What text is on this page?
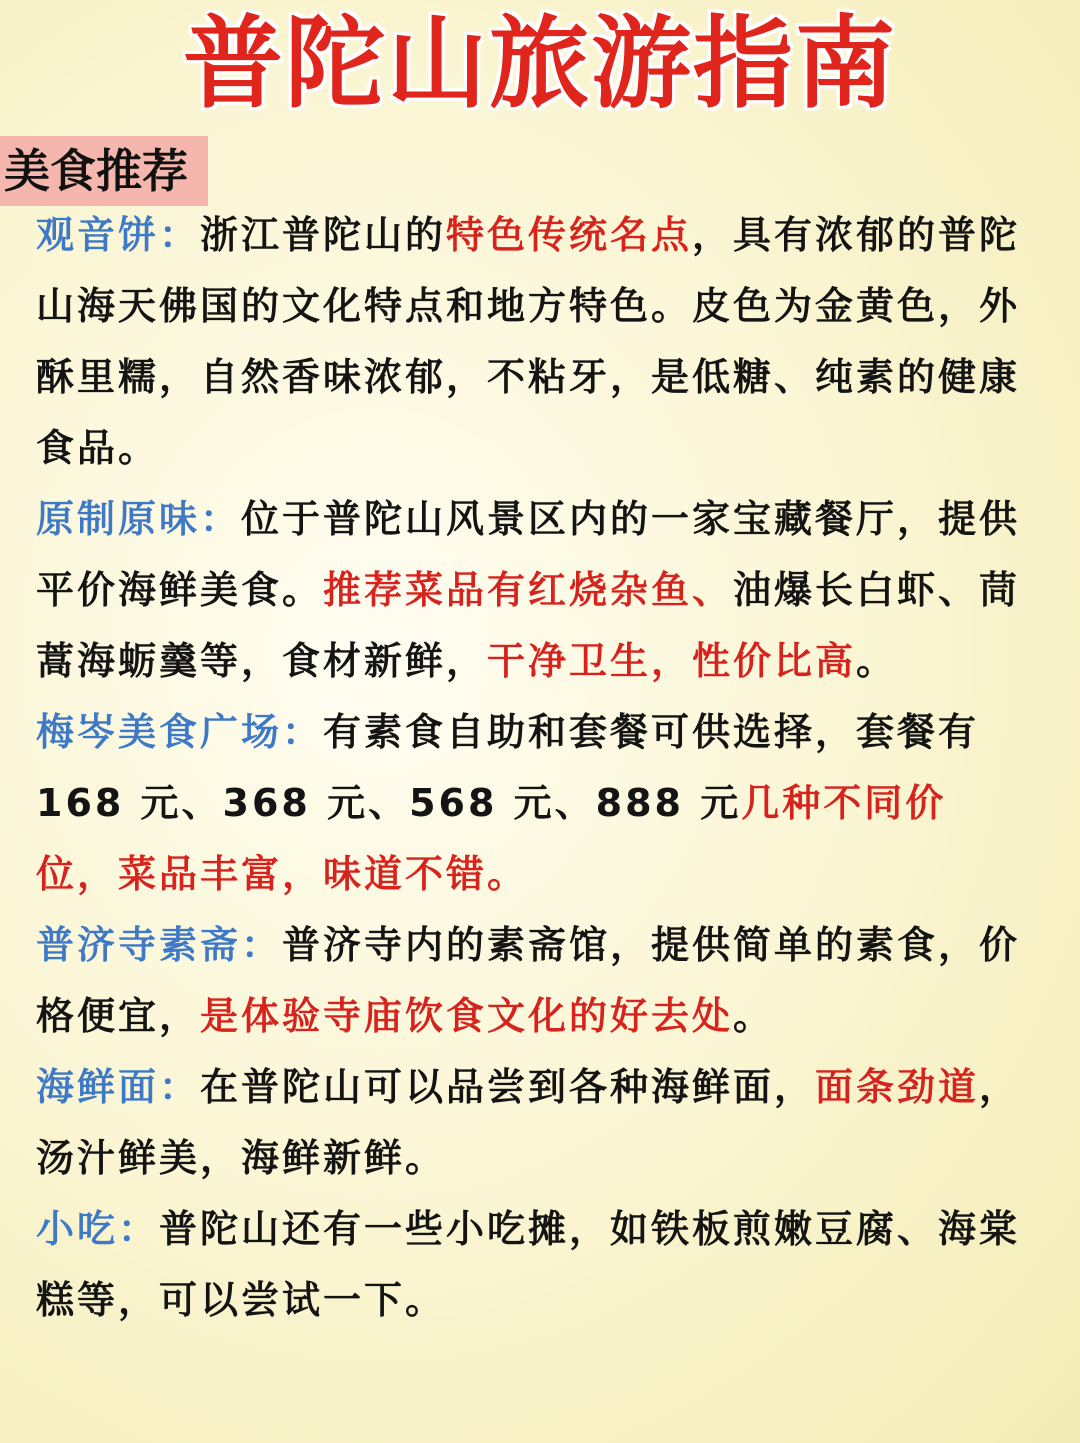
普陀山旅游指南
美食推荐

观音饼：浙江普陀山的特色传统名点，具有浓郁的普陀山海天佛国的文化特点和地方特色。皮色为金黄色，外酥里糯，自然香味浓郁，不粘牙，是低糖、纯素的健康食品。

原制原味：位于普陀山风景区内的一家宝藏餐厅，提供平价海鲜美食。推荐菜品有红烧杂鱼、油爆长白虾、茼蒿海蛎羹等，食材新鲜，干净卫生，性价比高。

梅岑美食广场：有素食自助和套餐可供选择，套餐有 168 元、368 元、568 元、888 元几种不同价位，菜品丰富，味道不错。

普济寺素斋：普济寺内的素斋馆，提供简单的素食，价格便宜，是体验寺庙饮食文化的好去处。

海鲜面：在普陀山可以品尝到各种海鲜面，面条劲道，汤汁鲜美，海鲜新鲜。

小吃：普陀山还有一些小吃摊，如铁板煎嫩豆腐、海棠糕等，可以尝试一下。
